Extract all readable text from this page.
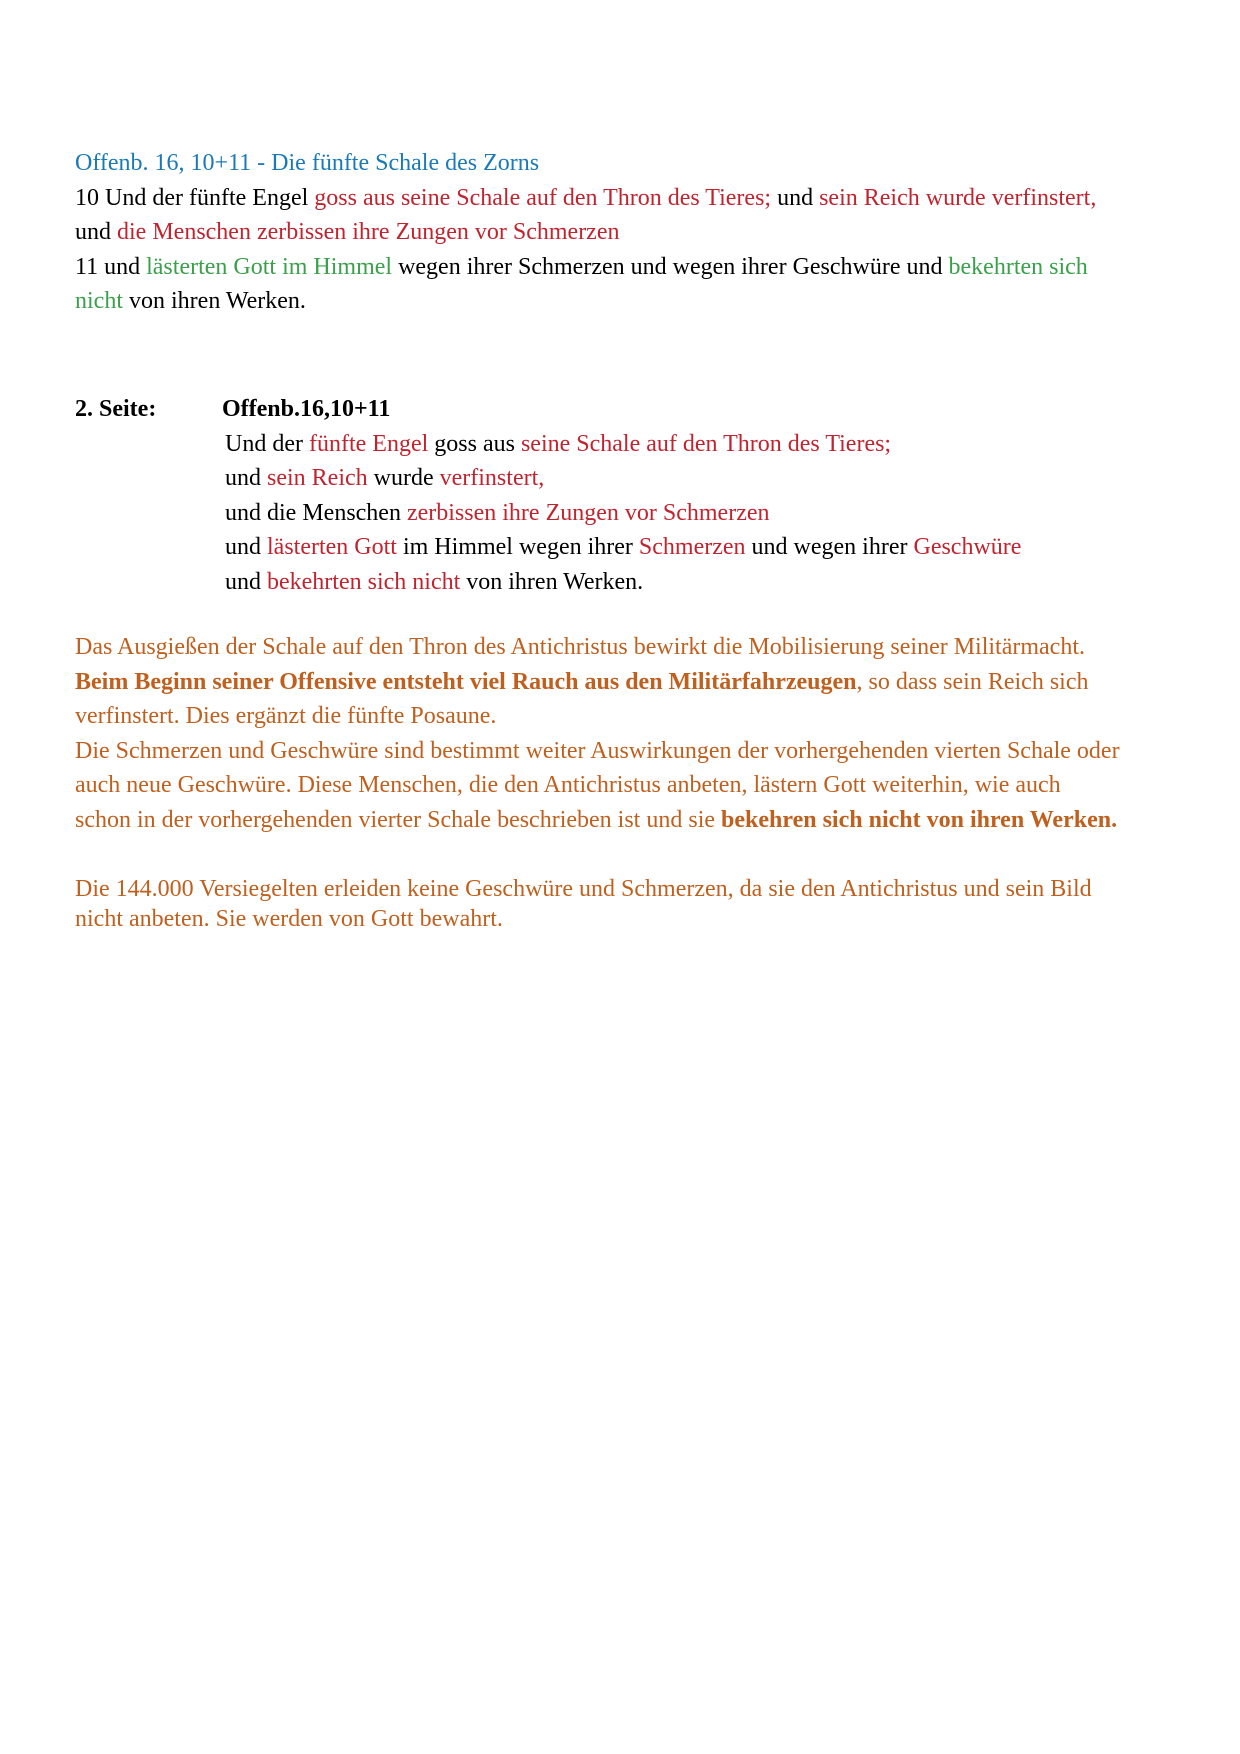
Offenb. 16, 10+11 - Die fünfte Schale des Zorns
10 Und der fünfte Engel goss aus seine Schale auf den Thron des Tieres; und sein Reich wurde verfinstert,
und die Menschen zerbissen ihre Zungen vor Schmerzen
11 und lästerten Gott im Himmel wegen ihrer Schmerzen und wegen ihrer Geschwüre und bekehrten sich
nicht von ihren Werken.
2. Seite:	Offenb.16,10+11
Und der fünfte Engel goss aus seine Schale auf den Thron des Tieres;
und sein Reich wurde verfinstert,
und die Menschen zerbissen ihre Zungen vor Schmerzen
und lästerten Gott im Himmel wegen ihrer Schmerzen und wegen ihrer Geschwüre
und bekehrten sich nicht von ihren Werken.
Das Ausgießen der Schale auf den Thron des Antichristus bewirkt die Mobilisierung seiner Militärmacht.
Beim Beginn seiner Offensive entsteht viel Rauch aus den Militärfahrzeugen, so dass sein Reich sich
verfinstert. Dies ergänzt die fünfte Posaune.
Die Schmerzen und Geschwüre sind bestimmt weiter Auswirkungen der vorhergehenden vierten Schale oder
auch neue Geschwüre. Diese Menschen, die den Antichristus anbeten, lästern Gott weiterhin, wie auch
schon in der vorhergehenden vierter Schale beschrieben ist und sie bekehren sich nicht von ihren Werken.
Die 144.000 Versiegelten erleiden keine Geschwüre und Schmerzen, da sie den Antichristus und sein Bild
nicht anbeten. Sie werden von Gott bewahrt.
